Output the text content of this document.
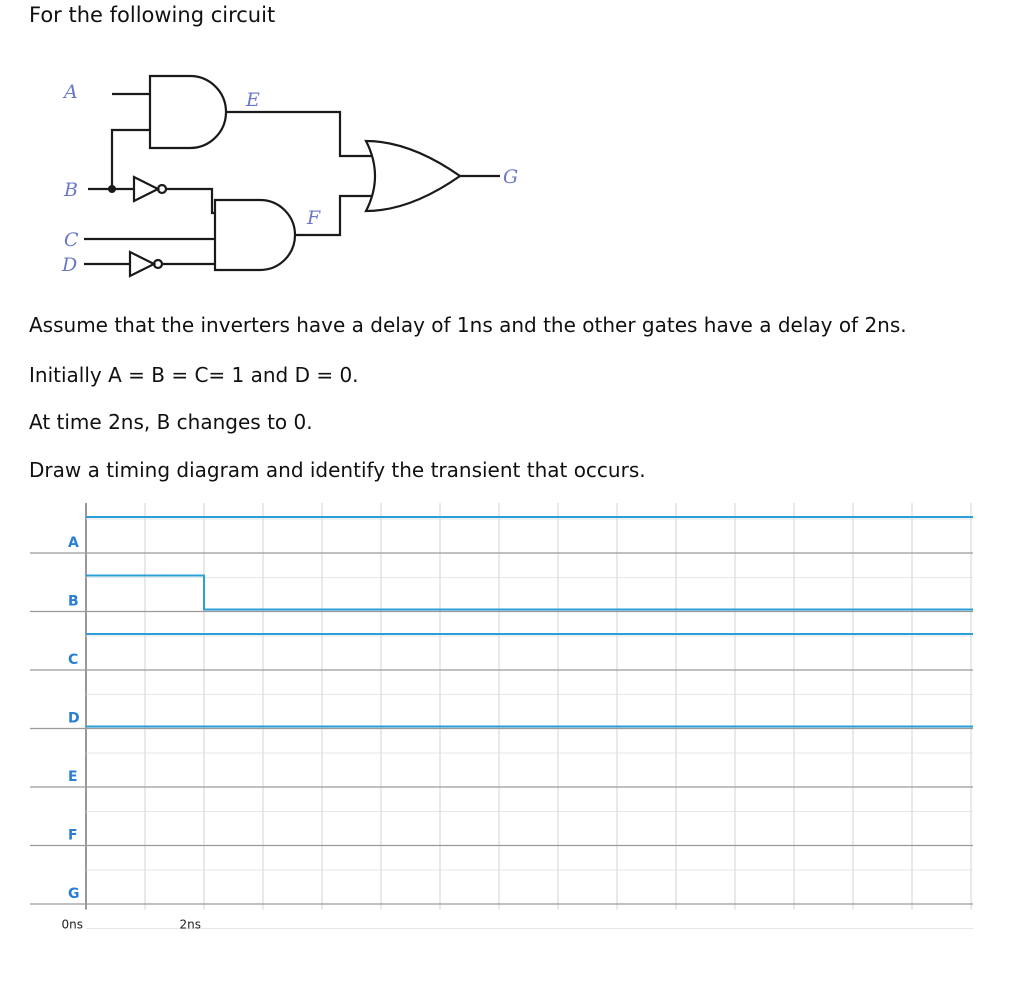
For the following circuit
A
B
C
D
E
F
G
Assume that the inverters have a delay of 1ns and the other gates have a delay of 2ns.
Initially A = B = C= 1 and D = 0.
At time 2ns, B changes to 0.
Draw a timing diagram and identify the transient that occurs.
A
B
C
D
E
F
G
0ns	2ns
